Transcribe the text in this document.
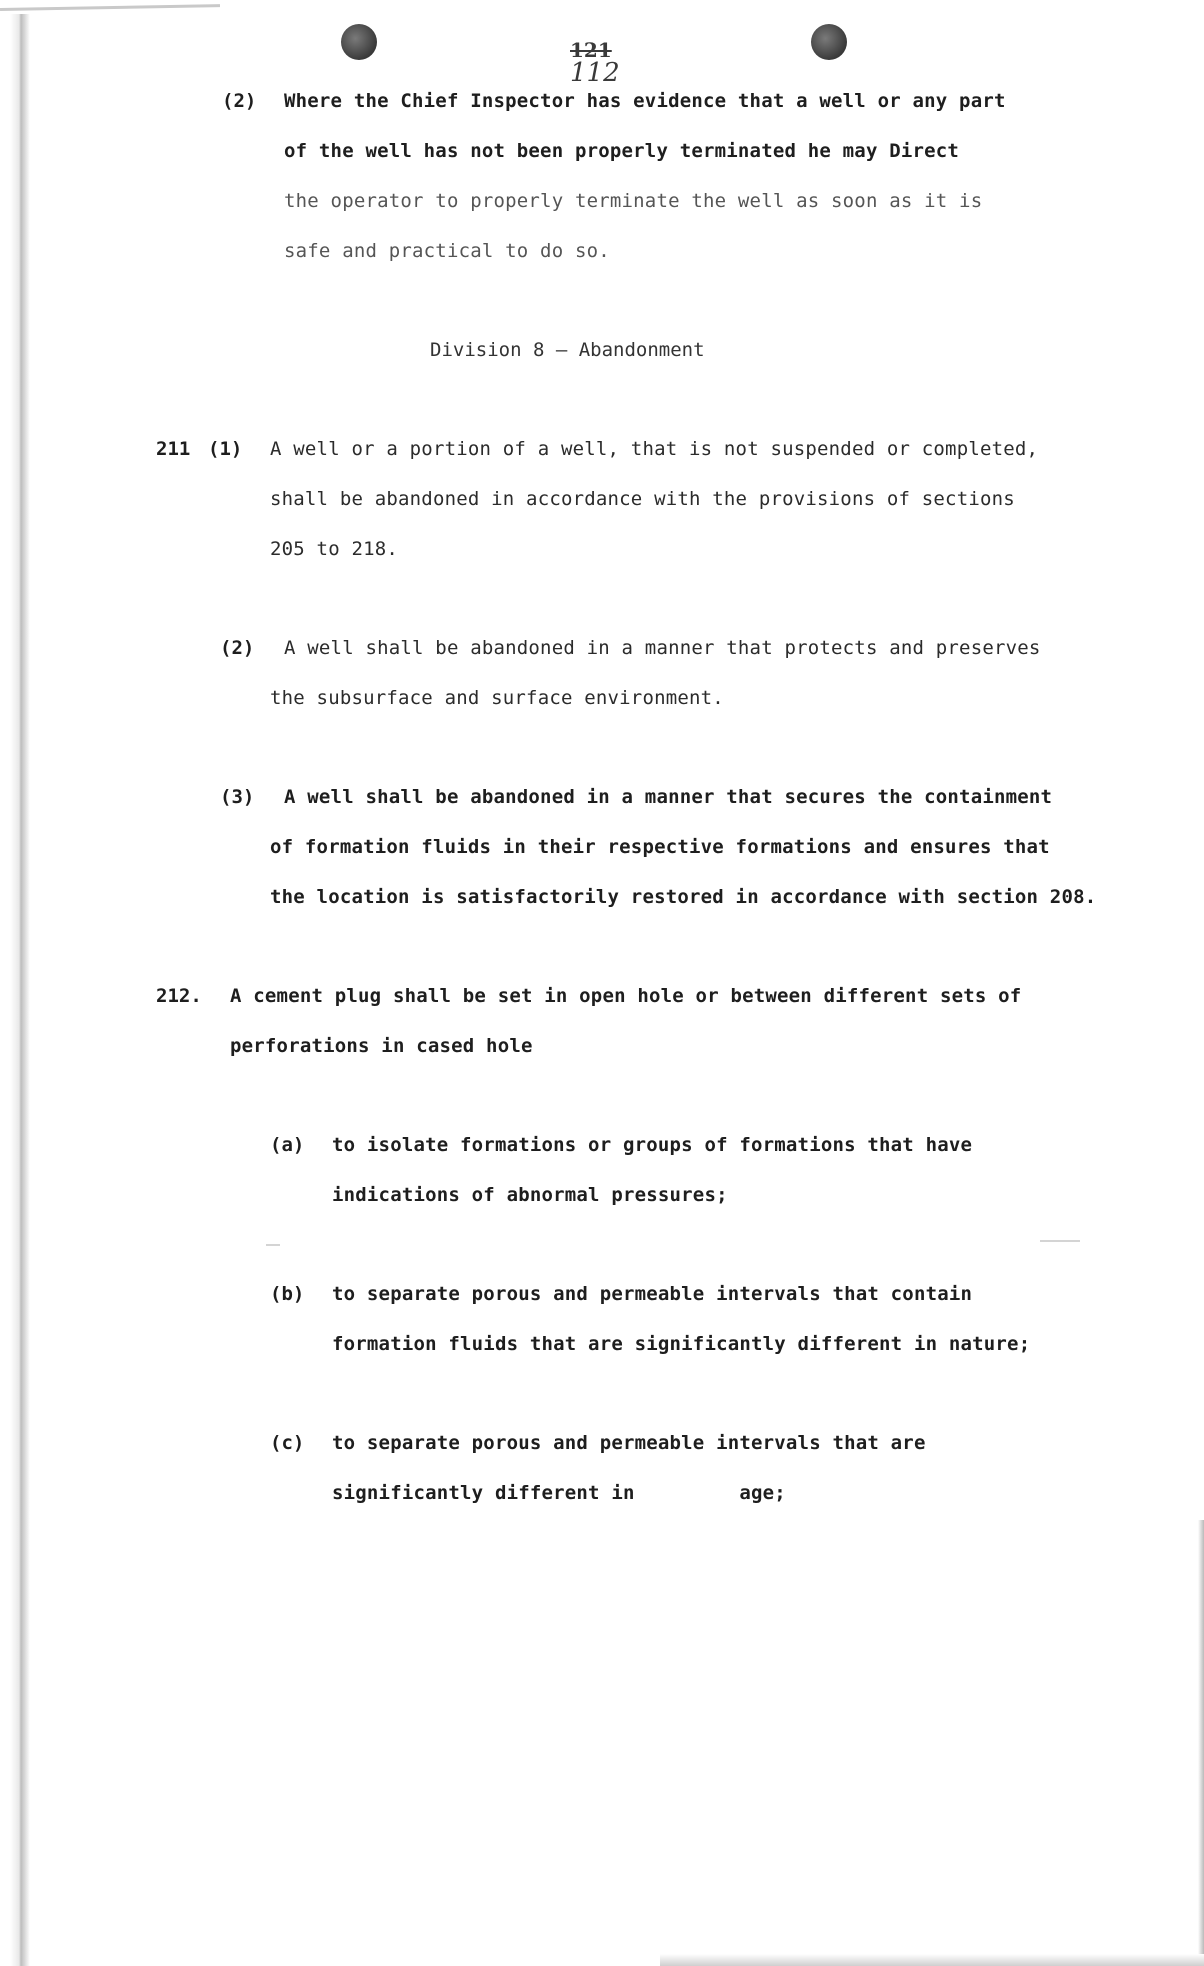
121
112
(2) Where the Chief Inspector has evidence that a well or any part
of the well has not been properly terminated he may Direct
the operator to properly terminate the well as soon as it is
safe and practical to do so.
Division 8 — Abandonment
211 (1) A well or a portion of a well, that is not suspended or completed,
shall be abandoned in accordance with the provisions of sections
205 to 218.
(2) A well shall be abandoned in a manner that protects and preserves
the subsurface and surface environment.
(3) A well shall be abandoned in a manner that secures the containment
of formation fluids in their respective formations and ensures that
the location is satisfactorily restored in accordance with section 208.
212. A cement plug shall be set in open hole or between different sets of
perforations in cased hole
(a) to isolate formations or groups of formations that have
indications of abnormal pressures;
(b) to separate porous and permeable intervals that contain
formation fluids that are significantly different in nature;
(c) to separate porous and permeable intervals that are
significantly different in         age;
